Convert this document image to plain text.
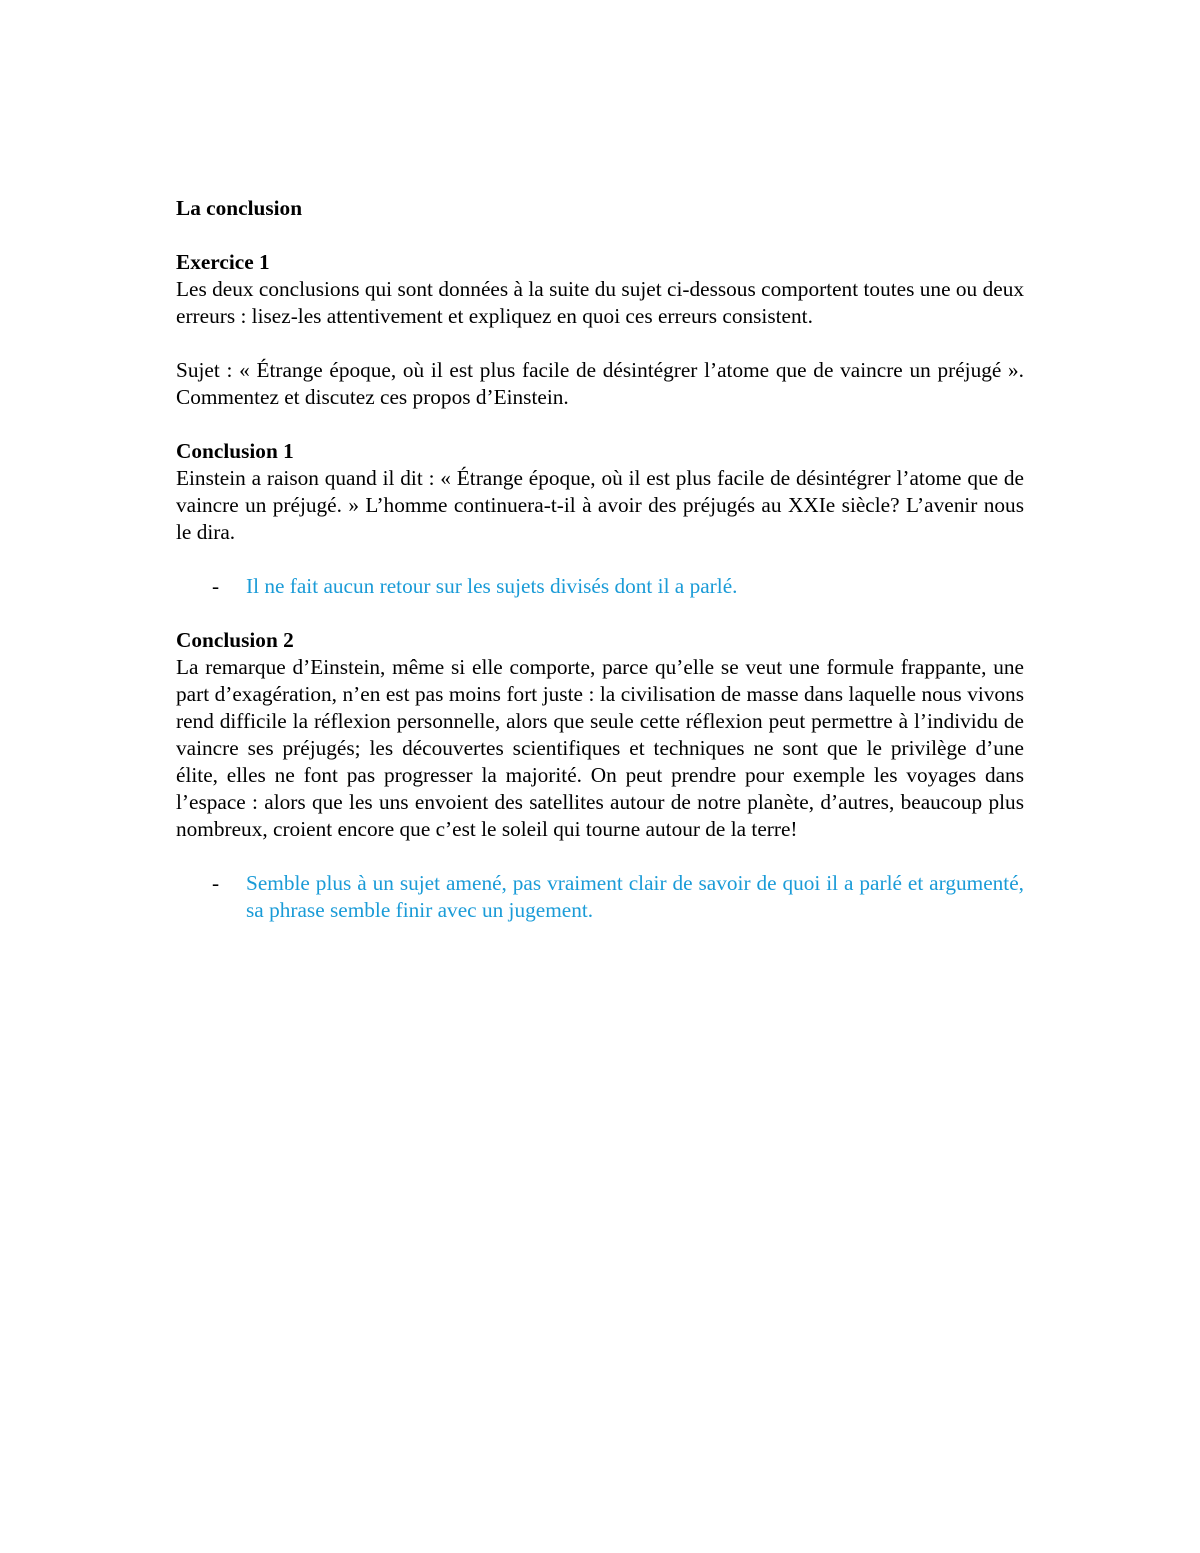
La conclusion

Exercice 1

Les deux conclusions qui sont données à la suite du sujet ci-dessous comportent toutes une ou deux erreurs : lisez-les attentivement et expliquez en quoi ces erreurs consistent.

Sujet : « Étrange époque, où il est plus facile de désintégrer l’atome que de vaincre un préjugé ». Commentez et discutez ces propos d’Einstein.

Conclusion 1

Einstein a raison quand il dit : « Étrange époque, où il est plus facile de désintégrer l’atome que de vaincre un préjugé. » L’homme continuera-t-il à avoir des préjugés au XXIe siècle? L’avenir nous le dira.

-	Il ne fait aucun retour sur les sujets divisés dont il a parlé.

Conclusion 2

La remarque d’Einstein, même si elle comporte, parce qu’elle se veut une formule frappante, une part d’exagération, n’en est pas moins fort juste : la civilisation de masse dans laquelle nous vivons rend difficile la réflexion personnelle, alors que seule cette réflexion peut permettre à l’individu de vaincre ses préjugés; les découvertes scientifiques et techniques ne sont que le privilège d’une élite, elles ne font pas progresser la majorité. On peut prendre pour exemple les voyages dans l’espace : alors que les uns envoient des satellites autour de notre planète, d’autres, beaucoup plus nombreux, croient encore que c’est le soleil qui tourne autour de la terre!

-	Semble plus à un sujet amené, pas vraiment clair de savoir de quoi il a parlé et argumenté, sa phrase semble finir avec un jugement.
